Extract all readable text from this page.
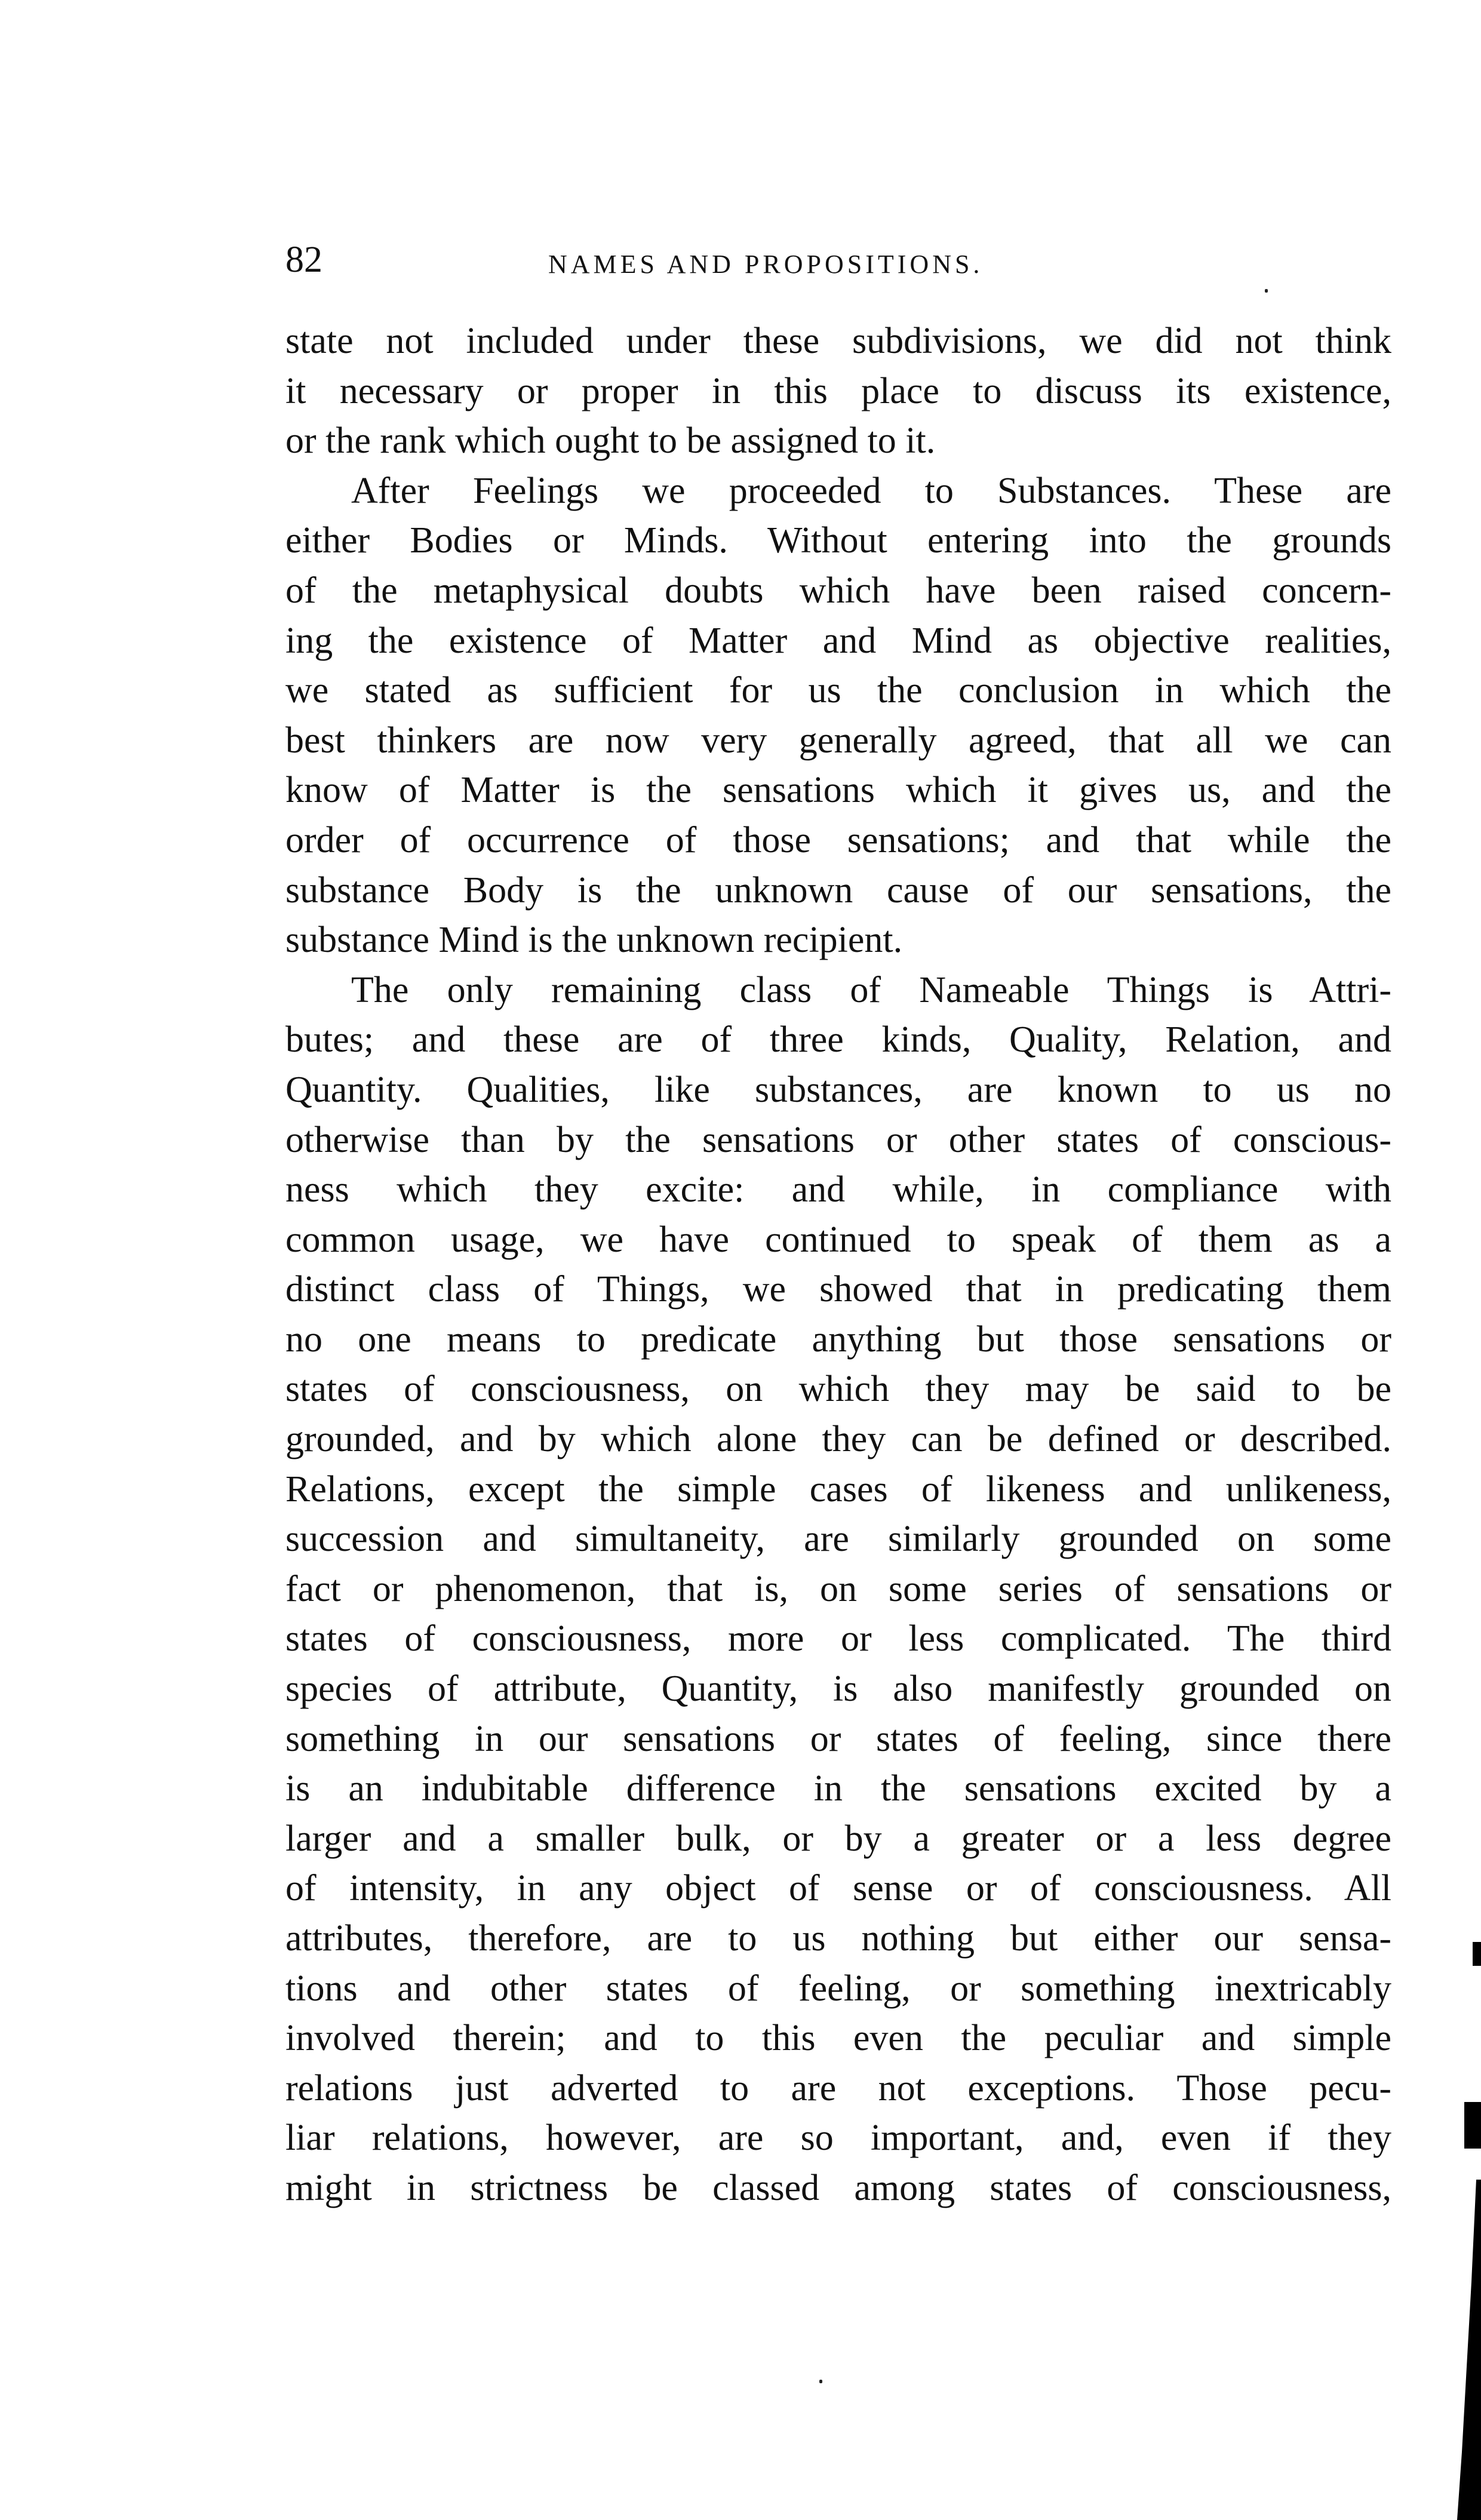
82	NAMES AND PROPOSITIONS.
state not included under these subdivisions, we did not think
it necessary or proper in this place to discuss its existence,
or the rank which ought to be assigned to it.
After Feelings we proceeded to Substances. These are
either Bodies or Minds. Without entering into the grounds
of the metaphysical doubts which have been raised concern-
ing the existence of Matter and Mind as objective realities,
we stated as sufficient for us the conclusion in which the
best thinkers are now very generally agreed, that all we can
know of Matter is the sensations which it gives us, and the
order of occurrence of those sensations; and that while the
substance Body is the unknown cause of our sensations, the
substance Mind is the unknown recipient.
The only remaining class of Nameable Things is Attri-
butes; and these are of three kinds, Quality, Relation, and
Quantity. Qualities, like substances, are known to us no
otherwise than by the sensations or other states of conscious-
ness which they excite: and while, in compliance with
common usage, we have continued to speak of them as a
distinct class of Things, we showed that in predicating them
no one means to predicate anything but those sensations or
states of consciousness, on which they may be said to be
grounded, and by which alone they can be defined or described.
Relations, except the simple cases of likeness and unlikeness,
succession and simultaneity, are similarly grounded on some
fact or phenomenon, that is, on some series of sensations or
states of consciousness, more or less complicated. The third
species of attribute, Quantity, is also manifestly grounded on
something in our sensations or states of feeling, since there
is an indubitable difference in the sensations excited by a
larger and a smaller bulk, or by a greater or a less degree
of intensity, in any object of sense or of consciousness. All
attributes, therefore, are to us nothing but either our sensa-
tions and other states of feeling, or something inextricably
involved therein; and to this even the peculiar and simple
relations just adverted to are not exceptions. Those pecu-
liar relations, however, are so important, and, even if they
might in strictness be classed among states of consciousness,
